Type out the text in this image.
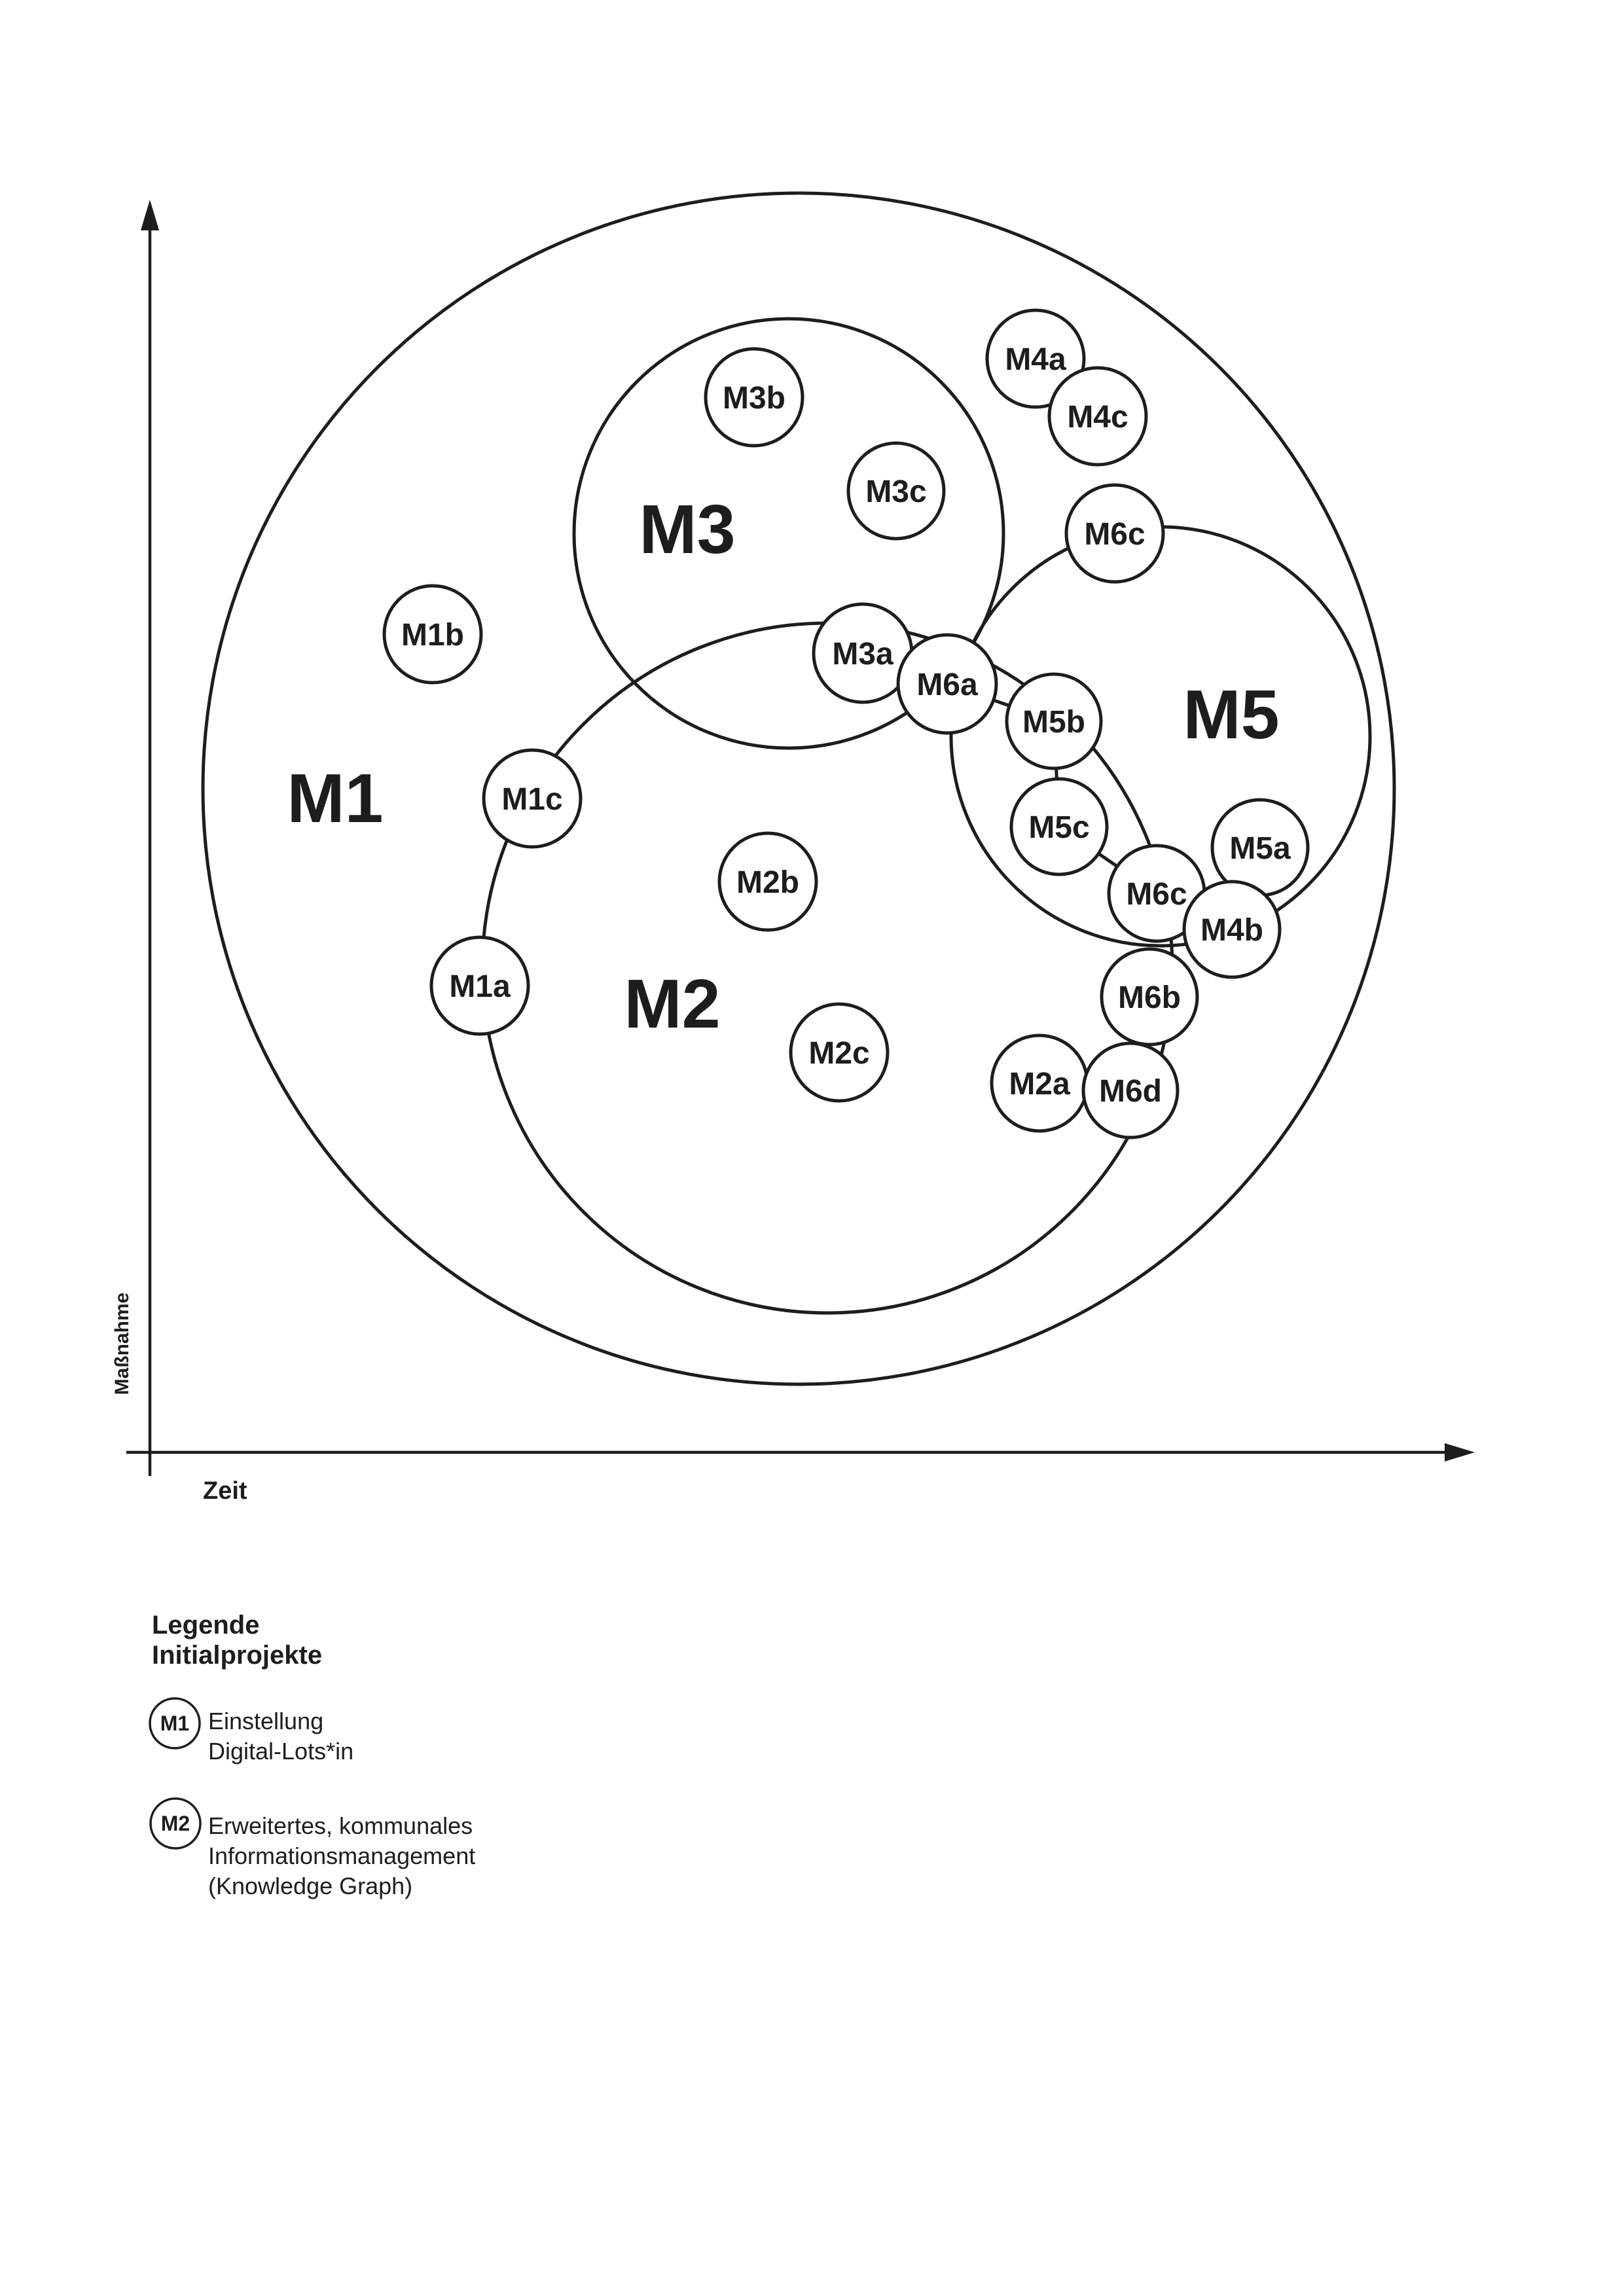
Maßnahme
Zeit
M1
M3
M2
M5
M1b
M1c
M1a
M2b
M2c
M3b
M3c
M3a
M6a
M4a
M4c
M6c
M5b
M5c
M6c
M5a
M6b
M4b
M2a M6d
Legende
Initialprojekte
M1 Einstellung
Digital-Lots*in
M2 Erweitertes, kommunales
Informationsmanagement
(Knowledge Graph)
